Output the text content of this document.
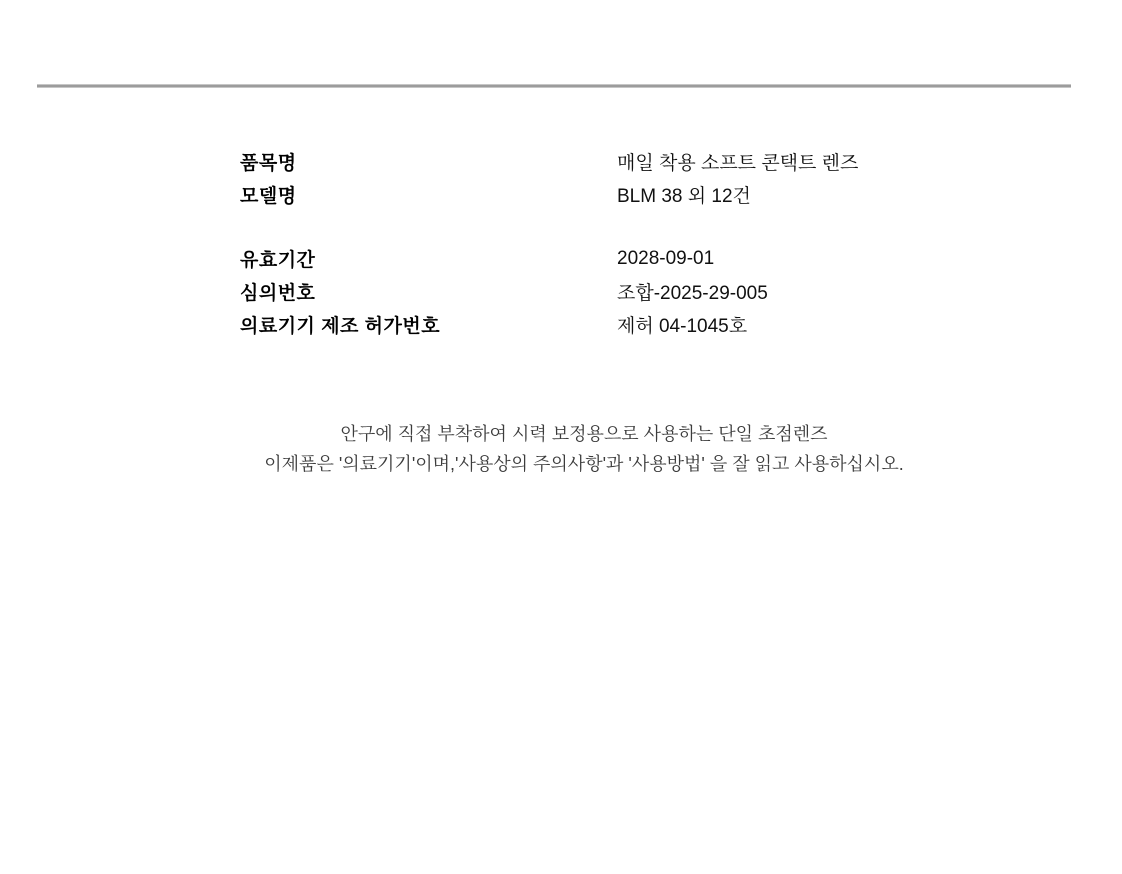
품목명	매일 착용 소프트 콘택트 렌즈
모델명	BLM 38 외 12건
유효기간	2028-09-01
심의번호	조합-2025-29-005
의료기기 제조 허가번호	제허 04-1045호

안구에 직접 부착하여 시력 보정용으로 사용하는 단일 초점렌즈

이제품은 '의료기기'이며,'사용상의 주의사항'과 '사용방법' 을 잘 읽고 사용하십시오.
